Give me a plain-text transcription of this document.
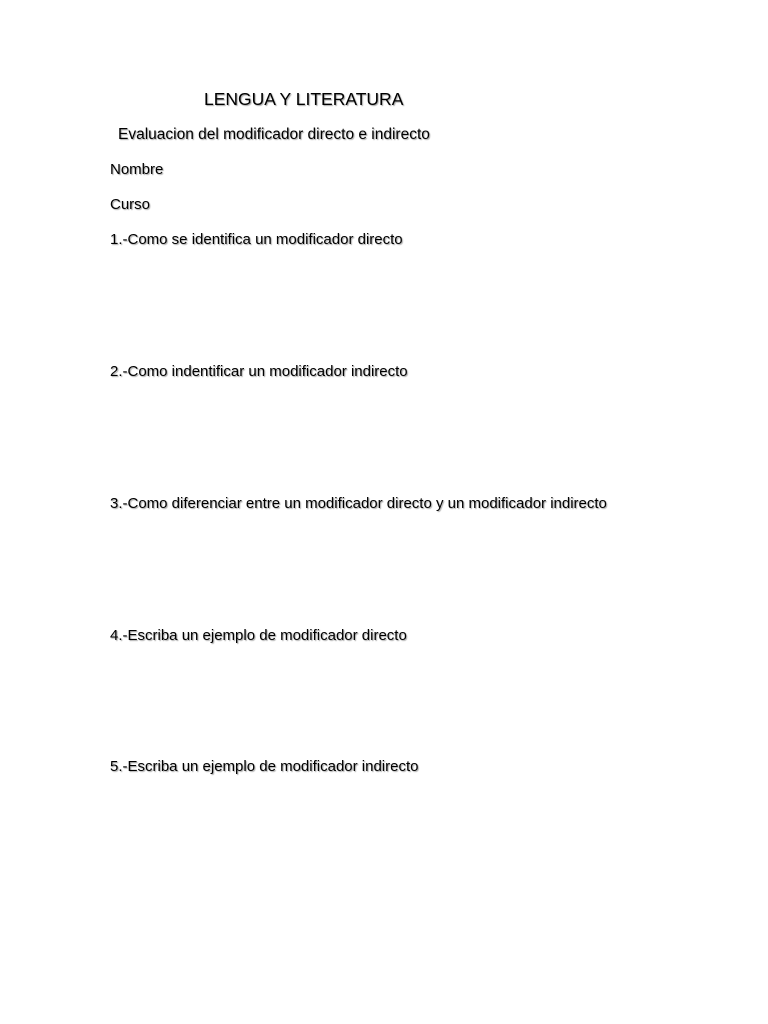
LENGUA Y LITERATURA

Evaluacion del modificador directo e indirecto

Nombre

Curso

1.-Como se identifica un modificador directo

2.-Como indentificar un modificador indirecto

3.-Como diferenciar entre un modificador directo y un modificador indirecto

4.-Escriba un ejemplo de modificador directo

5.-Escriba un ejemplo de modificador indirecto
